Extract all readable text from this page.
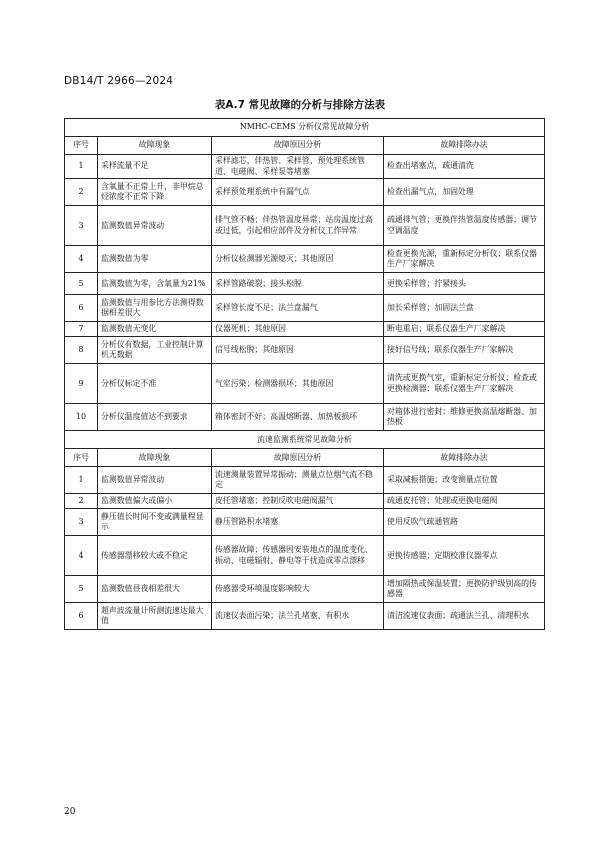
DB14/T 2966—2024
表A.7 常见故障的分析与排除方法表
NMHC-CEMS 分析仪常见故障分析			
序号	故障现象	故障原因分析	故障排除办法
1	采样流量不足	采样滤芯、伴热管、采样管、预处理系统管道、电磁阀、采样泵等堵塞	检查出堵塞点，疏通清洗
2	含氧量不正常上升，非甲烷总烃浓度不正常下降	采样预处理系统中有漏气点	检查出漏气点，加固处理
3	监测数值异常波动	排气管不畅；伴热管温度异常；站房温度过高或过低，引起相应部件及分析仪工作异常	疏通排气管；更换伴热管温度传感器；调节空调温度
4	监测数值为零	分析仪检测器光源熄灭；其他原因	检查更换光源，重新标定分析仪；联系仪器生产厂家解决
5	监测数值为零，含氧量为21%	采样管路破裂；接头松脱	更换采样管；拧紧接头
6	监测数值与用参比方法测得数据相差很大	采样管长度不足；法兰盘漏气	加长采样管；加固法兰盘
7	监测数值无变化	仪器死机；其他原因	断电重启；联系仪器生产厂家解决
8	分析仪有数据，工业控制计算机无数据	信号线松脱；其他原因	接好信号线；联系仪器生产厂家解决
9	分析仪标定不准	气室污染；检测器损坏；其他原因	清洗或更换气室，重新标定分析仪；检查或更换检测器；联系仪器生产厂家解决
10	分析仪温度值达不到要求	箱体密封不好；高温熔断器、加热板损坏	对箱体进行密封；维修更换高温熔断器、加热板
流速监测系统常见故障分析			
序号	故障现象	故障原因分析	故障排除办法
1	监测数值异常波动	流速测量装置异常振动；测量点位烟气流不稳定	采取减振措施；改变测量点位置
2	监测数值偏大或偏小	皮托管堵塞；控制反吹电磁阀漏气	疏通皮托管；处理或更换电磁阀
3	静压值长时间不变或满量程显示	静压管路积水堵塞	使用反吹气疏通管路
4	传感器漂移较大或不稳定	传感器故障；传感器因安装地点的温度变化、振动、电磁辐射、静电等干扰造成零点漂移	更换传感器；定期校准仪器零点
5	监测数值昼夜相差很大	传感器受环境温度影响较大	增加隔热或保温装置；更换防护级别高的传感器
6	超声波流量计所测流速达最大值	流速仪表面污染；法兰孔堵塞、有积水	清洁流速仪表面；疏通法兰孔、清理积水
20
